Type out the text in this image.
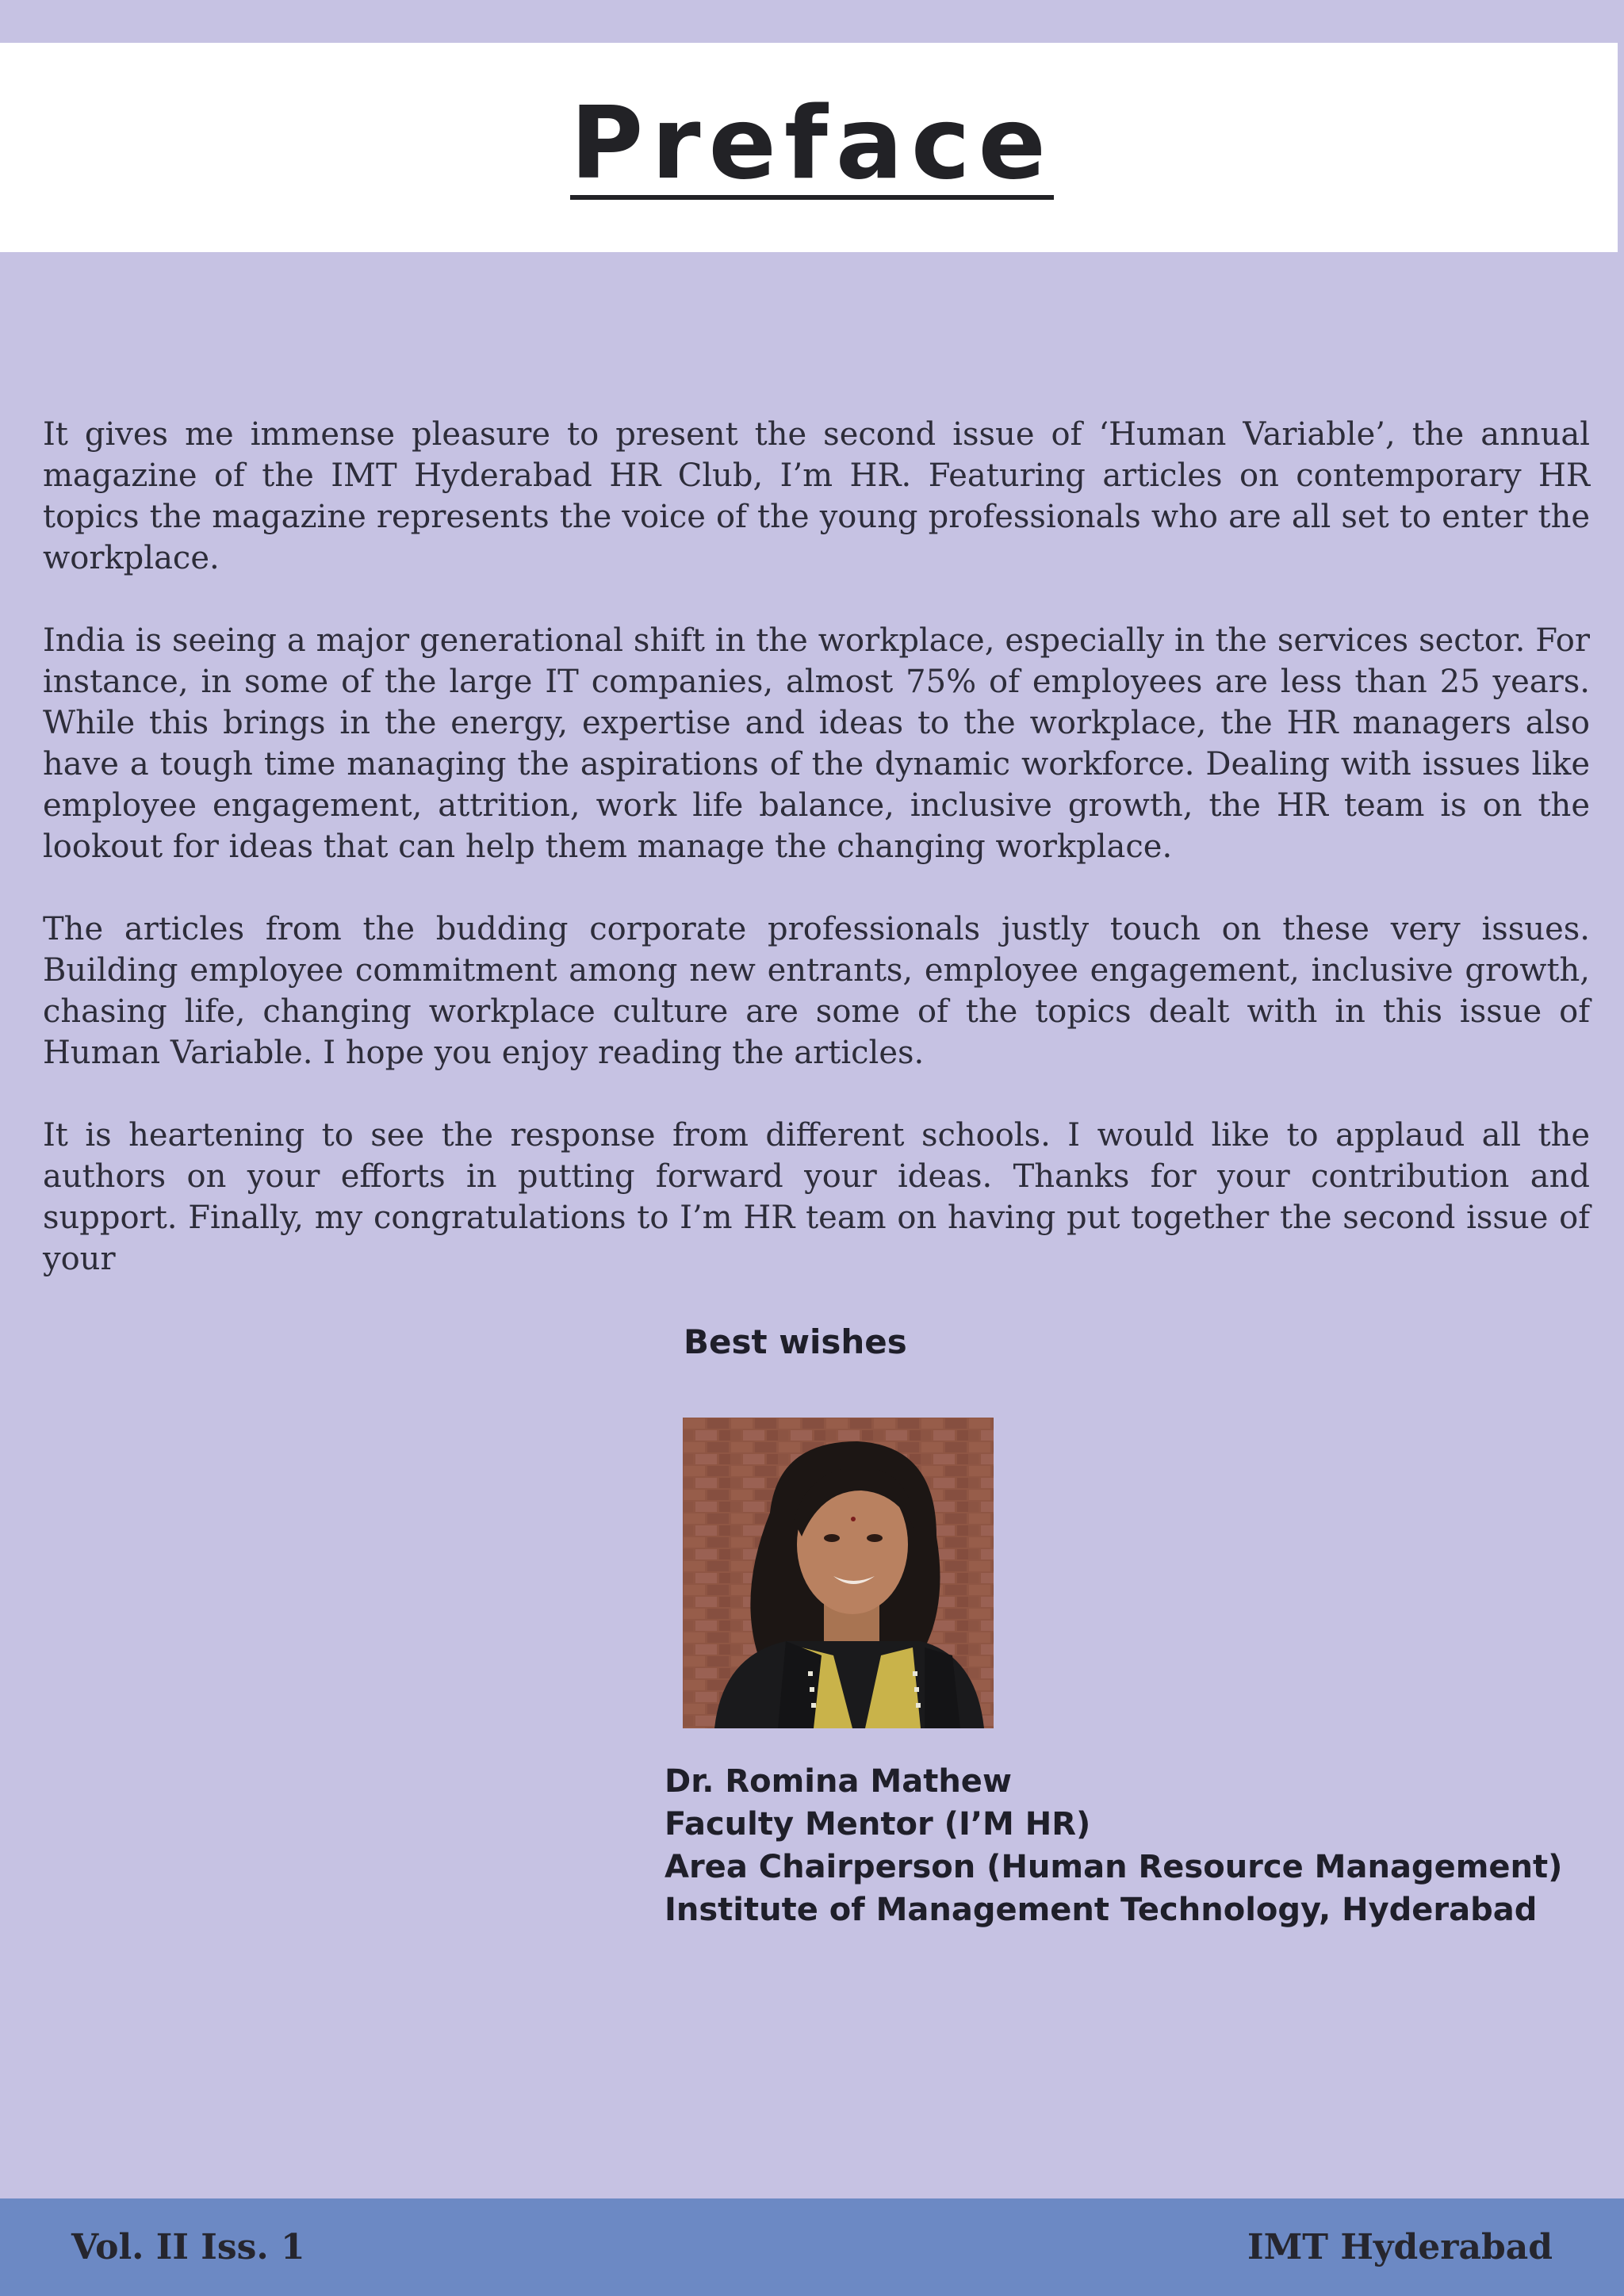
Preface

It gives me immense pleasure to present the second issue of ‘Human Variable’, the annual magazine of the IMT Hyderabad HR Club, I’m HR. Featuring articles on contemporary HR topics the magazine represents the voice of the young professionals who are all set to enter the workplace.

India is seeing a major generational shift in the workplace, especially in the services sector. For instance, in some of the large IT companies, almost 75% of employees are less than 25 years. While this brings in the energy, expertise and ideas to the workplace, the HR managers also have a tough time managing the aspirations of the dynamic workforce. Dealing with issues like employee engagement, attrition, work life balance, inclusive growth, the HR team is on the lookout for ideas that can help them manage the changing workplace.

The articles from the budding corporate professionals justly touch on these very issues. Building employee commitment among new entrants, employee engagement, inclusive growth, chasing life, changing workplace culture are some of the topics dealt with in this issue of Human Variable. I hope you enjoy reading the articles.

It is heartening to see the response from different schools. I would like to applaud all the authors on your efforts in putting forward your ideas. Thanks for your contribution and support. Finally, my congratulations to I’m HR team on having put together the second issue of your

Best wishes
Dr. Romina Mathew
Faculty Mentor (I’M HR)
Area Chairperson (Human Resource Management)
Institute of Management Technology, Hyderabad
Vol. II Iss. 1	IMT Hyderabad
